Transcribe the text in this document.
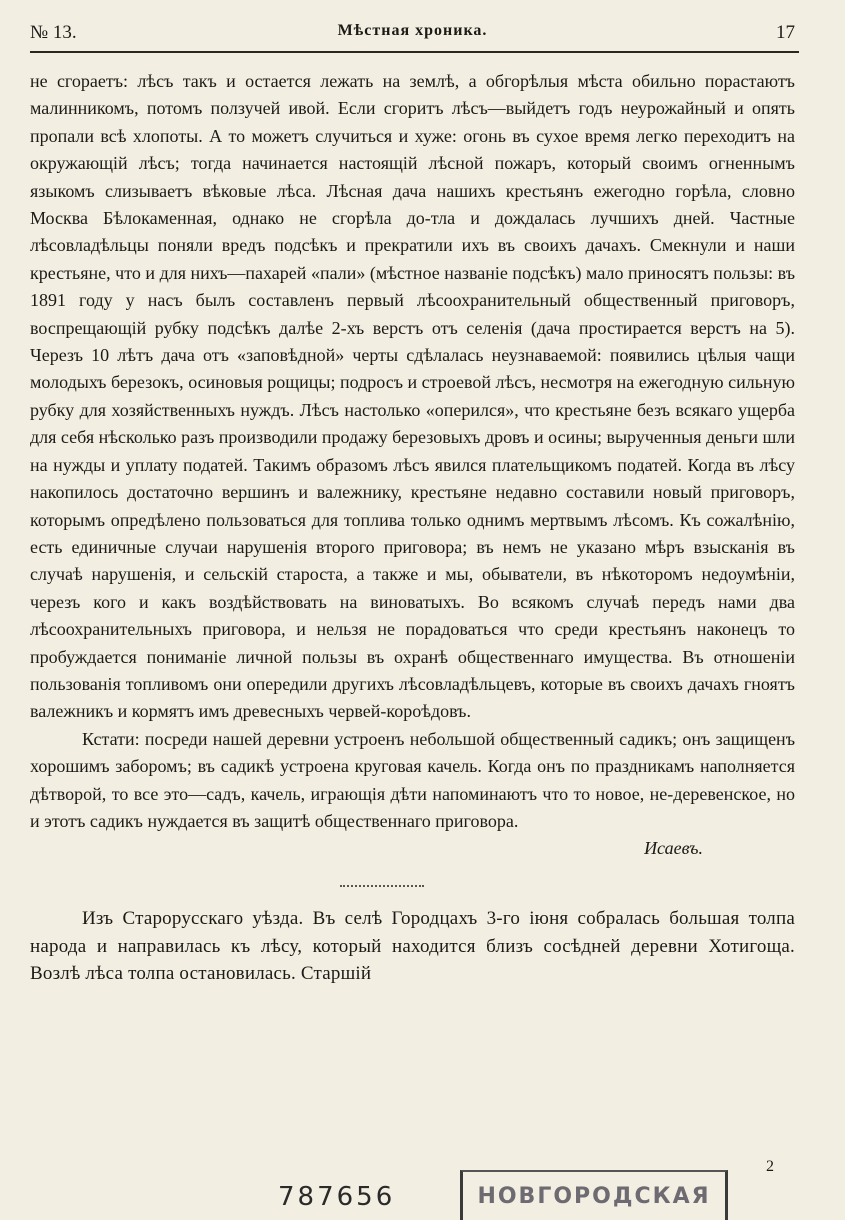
№ 13.	Мѣстная хроника.	17

не сгораетъ: лѣсъ такъ и остается лежать на землѣ, а обгорѣлыя мѣста обильно порастаютъ малинникомъ, потомъ ползучей ивой. Если сгоритъ лѣсъ—выйдетъ годъ неурожайный и опять пропали всѣ хлопоты. А то можетъ случиться и хуже: огонь въ сухое время легко переходитъ на окружающій лѣсъ; тогда начинается настоящій лѣсной пожаръ, который своимъ огненнымъ языкомъ слизываетъ вѣковые лѣса. Лѣсная дача нашихъ крестьянъ ежегодно горѣла, словно Москва Бѣлокаменная, однако не сгорѣла до-тла и дождалась лучшихъ дней. Частные лѣсовладѣльцы поняли вредъ подсѣкъ и прекратили ихъ въ своихъ дачахъ. Смекнули и наши крестьяне, что и для нихъ—пахарей «пали» (мѣстное названіе подсѣкъ) мало приносятъ пользы: въ 1891 году у насъ былъ составленъ первый лѣсоохранительный общественный приговоръ, воспрещающій рубку подсѣкъ далѣе 2-хъ верстъ отъ селенія (дача простирается верстъ на 5). Черезъ 10 лѣтъ дача отъ «заповѣдной» черты сдѣлалась неузнаваемой: появились цѣлыя чащи молодыхъ березокъ, осиновыя рощицы; подросъ и строевой лѣсъ, несмотря на ежегодную сильную рубку для хозяйственныхъ нуждъ. Лѣсъ настолько «оперился», что крестьяне безъ всякаго ущерба для себя нѣсколько разъ производили продажу березовыхъ дровъ и осины; вырученныя деньги шли на нужды и уплату податей. Такимъ образомъ лѣсъ явился плательщикомъ податей. Когда въ лѣсу накопилось достаточно вершинъ и валежнику, крестьяне недавно составили новый приговоръ, которымъ опредѣлено пользоваться для топлива только однимъ мертвымъ лѣсомъ. Къ сожалѣнію, есть единичные случаи нарушенія второго приговора; въ немъ не указано мѣръ взысканія въ случаѣ нарушенія, и сельскій староста, а также и мы, обыватели, въ нѣкоторомъ недоумѣніи, черезъ кого и какъ воздѣйствовать на виноватыхъ. Во всякомъ случаѣ передъ нами два лѣсоохранительныхъ приговора, и нельзя не порадоваться что среди крестьянъ наконецъ то пробуждается пониманіе личной пользы въ охранѣ общественнаго имущества. Въ отношеніи пользованія топливомъ они опередили другихъ лѣсовладѣльцевъ, которые въ своихъ дачахъ гноятъ валежникъ и кормятъ имъ древесныхъ червей-короѣдовъ.

Кстати: посреди нашей деревни устроенъ небольшой общественный садикъ; онъ защищенъ хорошимъ заборомъ; въ садикѣ устроена круговая качель. Когда онъ по праздникамъ наполняется дѣтворой, то все это—садъ, качель, играющія дѣти напоминаютъ что то новое, не-деревенское, но и этотъ садикъ нуждается въ защитѣ общественнаго приговора.

Исаевъ.

Изъ Старорусскаго уѣзда. Въ селѣ Городцахъ 3-го іюня собралась большая толпа народа и направилась къ лѣсу, который находится близъ сосѣдней деревни Хотигоща. Возлѣ лѣса толпа остановилась. Старшій

2
787656	НОВГОРОДСКАЯ
